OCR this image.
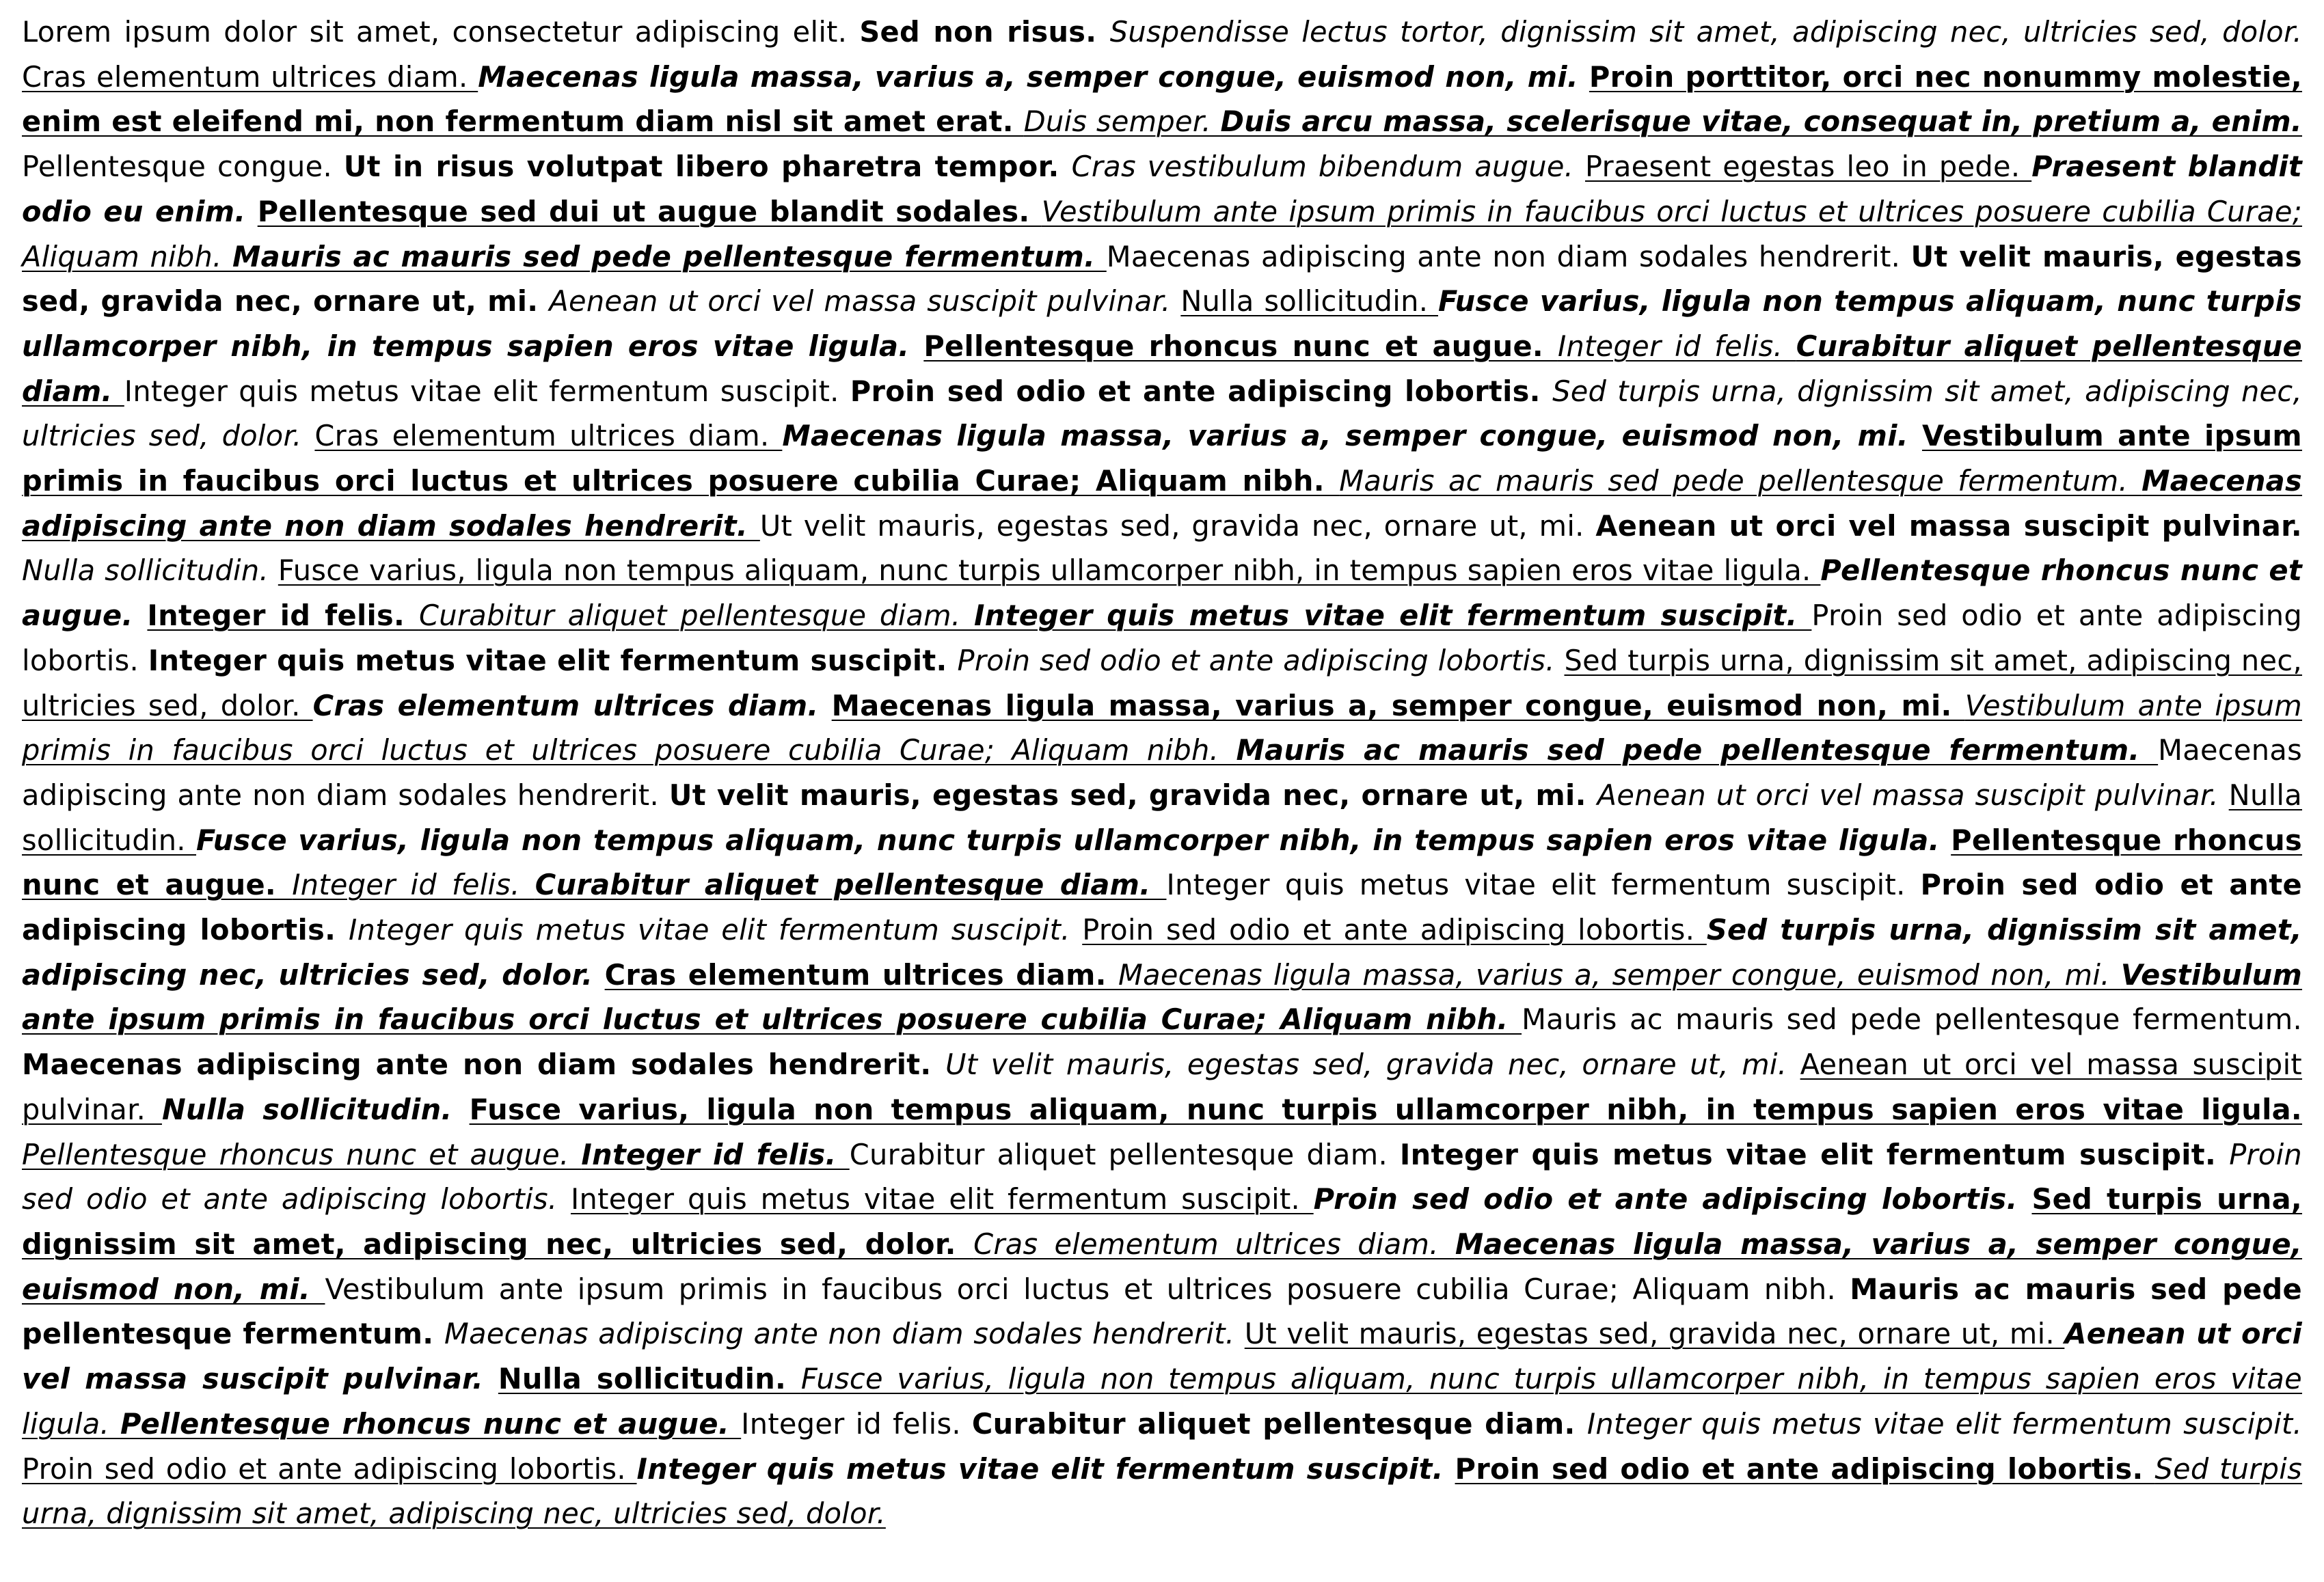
Lorem ipsum dolor sit amet, consectetur adipiscing elit. Sed non risus. Suspendisse lectus tortor, dignissim sit amet, adipiscing nec, ultricies sed, dolor. Cras elementum ultrices diam. Maecenas ligula massa, varius a, semper congue, euismod non, mi. Proin porttitor, orci nec nonummy molestie, enim est eleifend mi, non fermentum diam nisl sit amet erat. Duis semper. Duis arcu massa, scelerisque vitae, consequat in, pretium a, enim. Pellentesque congue. Ut in risus volutpat libero pharetra tempor. Cras vestibulum bibendum augue. Praesent egestas leo in pede. Praesent blandit odio eu enim. Pellentesque sed dui ut augue blandit sodales. Vestibulum ante ipsum primis in faucibus orci luctus et ultrices posuere cubilia Curae; Aliquam nibh. Mauris ac mauris sed pede pellentesque fermentum. Maecenas adipiscing ante non diam sodales hendrerit. Ut velit mauris, egestas sed, gravida nec, ornare ut, mi. Aenean ut orci vel massa suscipit pulvinar. Nulla sollicitudin. Fusce varius, ligula non tempus aliquam, nunc turpis ullamcorper nibh, in tempus sapien eros vitae ligula. Pellentesque rhoncus nunc et augue. Integer id felis. Curabitur aliquet pellentesque diam. Integer quis metus vitae elit fermentum suscipit. Proin sed odio et ante adipiscing lobortis. Sed turpis urna, dignissim sit amet, adipiscing nec, ultricies sed, dolor. Cras elementum ultrices diam. Maecenas ligula massa, varius a, semper congue, euismod non, mi. Vestibulum ante ipsum primis in faucibus orci luctus et ultrices posuere cubilia Curae; Aliquam nibh. Mauris ac mauris sed pede pellentesque fermentum. Maecenas adipiscing ante non diam sodales hendrerit. Ut velit mauris, egestas sed, gravida nec, ornare ut, mi. Aenean ut orci vel massa suscipit pulvinar. Nulla sollicitudin. Fusce varius, ligula non tempus aliquam, nunc turpis ullamcorper nibh, in tempus sapien eros vitae ligula. Pellentesque rhoncus nunc et augue. Integer id felis. Curabitur aliquet pellentesque diam. Integer quis metus vitae elit fermentum suscipit. Proin sed odio et ante adipiscing lobortis. Integer quis metus vitae elit fermentum suscipit. Proin sed odio et ante adipiscing lobortis. Sed turpis urna, dignissim sit amet, adipiscing nec, ultricies sed, dolor. Cras elementum ultrices diam. Maecenas ligula massa, varius a, semper congue, euismod non, mi. Vestibulum ante ipsum primis in faucibus orci luctus et ultrices posuere cubilia Curae; Aliquam nibh. Mauris ac mauris sed pede pellentesque fermentum. Maecenas adipiscing ante non diam sodales hendrerit. Ut velit mauris, egestas sed, gravida nec, ornare ut, mi. Aenean ut orci vel massa suscipit pulvinar. Nulla sollicitudin. Fusce varius, ligula non tempus aliquam, nunc turpis ullamcorper nibh, in tempus sapien eros vitae ligula. Pellentesque rhoncus nunc et augue. Integer id felis. Curabitur aliquet pellentesque diam. Integer quis metus vitae elit fermentum suscipit. Proin sed odio et ante adipiscing lobortis. Integer quis metus vitae elit fermentum suscipit. Proin sed odio et ante adipiscing lobortis. Sed turpis urna, dignissim sit amet, adipiscing nec, ultricies sed, dolor. Cras elementum ultrices diam. Maecenas ligula massa, varius a, semper congue, euismod non, mi. Vestibulum ante ipsum primis in faucibus orci luctus et ultrices posuere cubilia Curae; Aliquam nibh. Mauris ac mauris sed pede pellentesque fermentum. Maecenas adipiscing ante non diam sodales hendrerit. Ut velit mauris, egestas sed, gravida nec, ornare ut, mi. Aenean ut orci vel massa suscipit pulvinar. Nulla sollicitudin. Fusce varius, ligula non tempus aliquam, nunc turpis ullamcorper nibh, in tempus sapien eros vitae ligula. Pellentesque rhoncus nunc et augue. Integer id felis. Curabitur aliquet pellentesque diam. Integer quis metus vitae elit fermentum suscipit. Proin sed odio et ante adipiscing lobortis. Integer quis metus vitae elit fermentum suscipit. Proin sed odio et ante adipiscing lobortis. Sed turpis urna, dignissim sit amet, adipiscing nec, ultricies sed, dolor. Cras elementum ultrices diam. Maecenas ligula massa, varius a, semper congue, euismod non, mi. Vestibulum ante ipsum primis in faucibus orci luctus et ultrices posuere cubilia Curae; Aliquam nibh. Mauris ac mauris sed pede pellentesque fermentum. Maecenas adipiscing ante non diam sodales hendrerit. Ut velit mauris, egestas sed, gravida nec, ornare ut, mi. Aenean ut orci vel massa suscipit pulvinar. Nulla sollicitudin. Fusce varius, ligula non tempus aliquam, nunc turpis ullamcorper nibh, in tempus sapien eros vitae ligula. Pellentesque rhoncus nunc et augue. Integer id felis. Curabitur aliquet pellentesque diam. Integer quis metus vitae elit fermentum suscipit. Proin sed odio et ante adipiscing lobortis. Integer quis metus vitae elit fermentum suscipit. Proin sed odio et ante adipiscing lobortis. Sed turpis urna, dignissim sit amet, adipiscing nec, ultricies sed, dolor.
